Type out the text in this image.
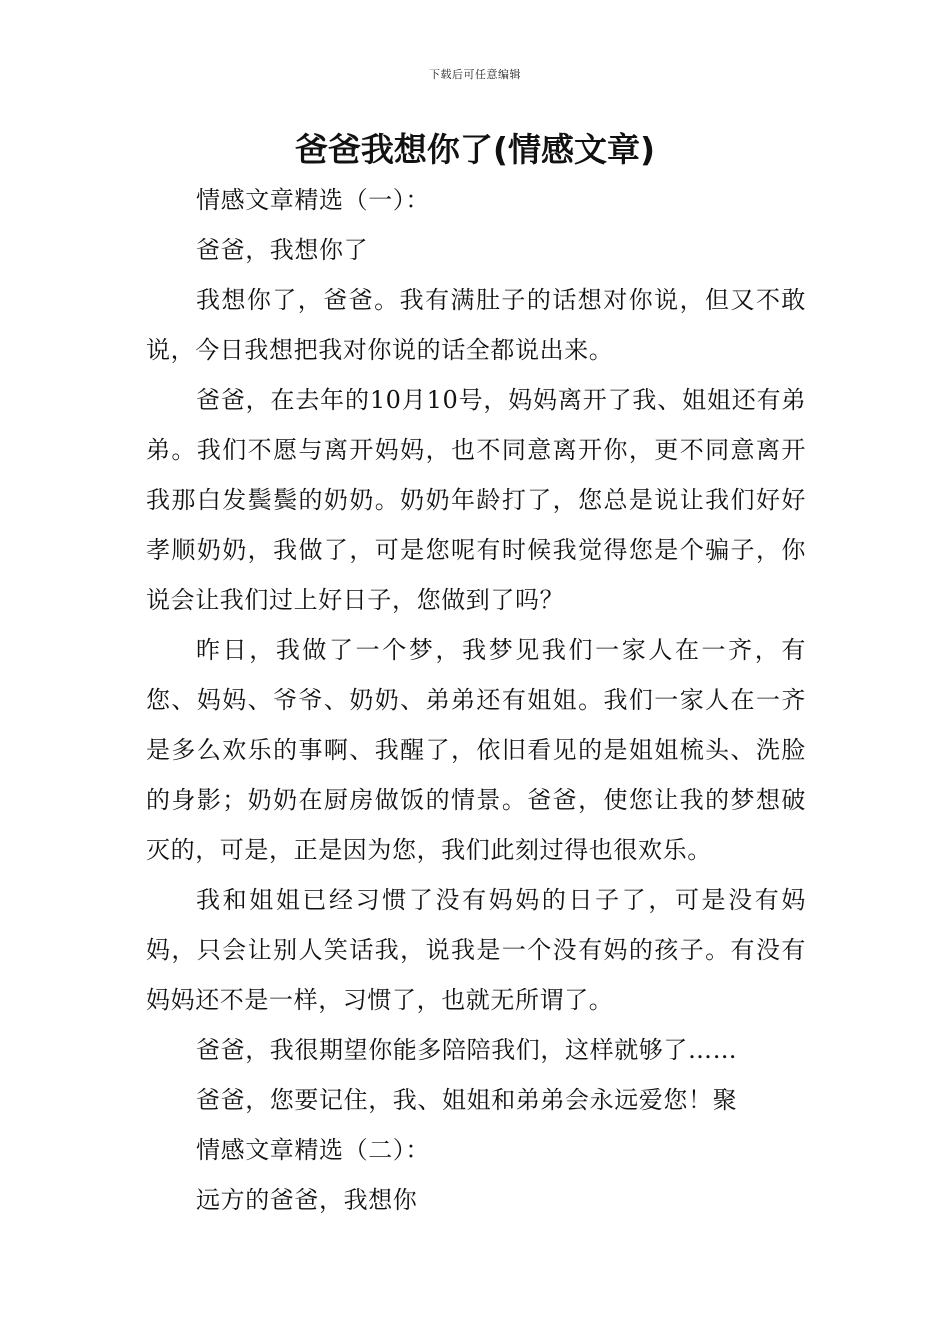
下载后可任意编辑
爸爸我想你了(情感文章)

情感文章精选（一）：

爸爸，我想你了

我想你了，爸爸。我有满肚子的话想对你说，但又不敢说，今日我想把我对你说的话全都说出来。

爸爸，在去年的10月10号，妈妈离开了我、姐姐还有弟弟。我们不愿与离开妈妈，也不同意离开你，更不同意离开我那白发鬓鬓的奶奶。奶奶年龄打了，您总是说让我们好好孝顺奶奶，我做了，可是您呢有时候我觉得您是个骗子，你说会让我们过上好日子，您做到了吗？

昨日，我做了一个梦，我梦见我们一家人在一齐，有您、妈妈、爷爷、奶奶、弟弟还有姐姐。我们一家人在一齐是多么欢乐的事啊、我醒了，依旧看见的是姐姐梳头、洗脸的身影；奶奶在厨房做饭的情景。爸爸，使您让我的梦想破灭的，可是，正是因为您，我们此刻过得也很欢乐。

我和姐姐已经习惯了没有妈妈的日子了，可是没有妈妈，只会让别人笑话我，说我是一个没有妈的孩子。有没有妈妈还不是一样，习惯了，也就无所谓了。

爸爸，我很期望你能多陪陪我们，这样就够了……

爸爸，您要记住，我、姐姐和弟弟会永远爱您！聚

情感文章精选（二）：

远方的爸爸，我想你
